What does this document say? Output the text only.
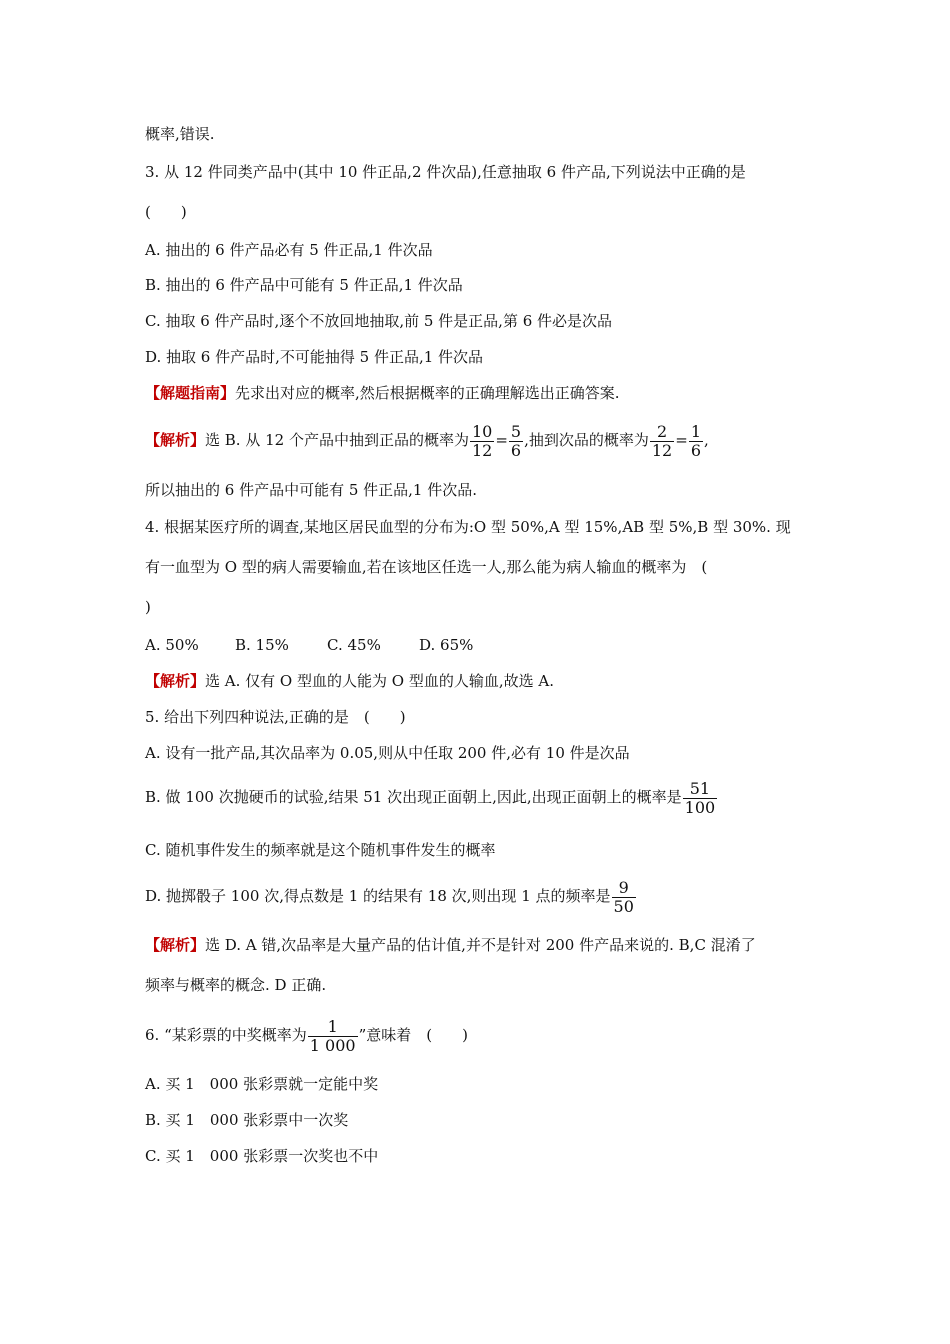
概率,错误.
3. 从 12 件同类产品中(其中 10 件正品,2 件次品),任意抽取 6 件产品,下列说法中正确的是
(　　)
A. 抽出的 6 件产品必有 5 件正品,1 件次品
B. 抽出的 6 件产品中可能有 5 件正品,1 件次品
C. 抽取 6 件产品时,逐个不放回地抽取,前 5 件是正品,第 6 件必是次品
D. 抽取 6 件产品时,不可能抽得 5 件正品,1 件次品
【解题指南】先求出对应的概率,然后根据概率的正确理解选出正确答案.
【解析】选 B. 从 12 个产品中抽到正品的概率为 $\frac{10}{12} = \frac{5}{6}$ ,抽到次品的概率为 $\frac{2}{12} = \frac{1}{6}$ ,
所以抽出的 6 件产品中可能有 5 件正品,1 件次品.
4. 根据某医疗所的调查,某地区居民血型的分布为:O 型 50%,A 型 15%,AB 型 5%,B 型 30%. 现
有一血型为 O 型的病人需要输血,若在该地区任选一人,那么能为病人输血的概率为　(
)
A. 50% B. 15%	C. 45%	D. 65%
【解析】选 A. 仅有 O 型血的人能为 O 型血的人输血,故选 A.
5. 给出下列四种说法,正确的是　(　　)
A. 设有一批产品,其次品率为 0.05,则从中任取 200 件,必有 10 件是次品
B. 做 100 次抛硬币的试验,结果 51 次出现正面朝上,因此,出现正面朝上的概率是 $\frac{51}{100}$
C. 随机事件发生的频率就是这个随机事件发生的概率
D. 抛掷骰子 100 次,得点数是 1 的结果有 18 次,则出现 1 点的频率是 $\frac{9}{50}$
【解析】选 D. A 错,次品率是大量产品的估计值,并不是针对 200 件产品来说的. B,C 混淆了
频率与概率的概念. D 正确.
6. “某彩票的中奖概率为 $\frac{1}{1 000}$ ”意味着　(　　)
A. 买 1　000 张彩票就一定能中奖
B. 买 1　000 张彩票中一次奖
C. 买 1　000 张彩票一次奖也不中
